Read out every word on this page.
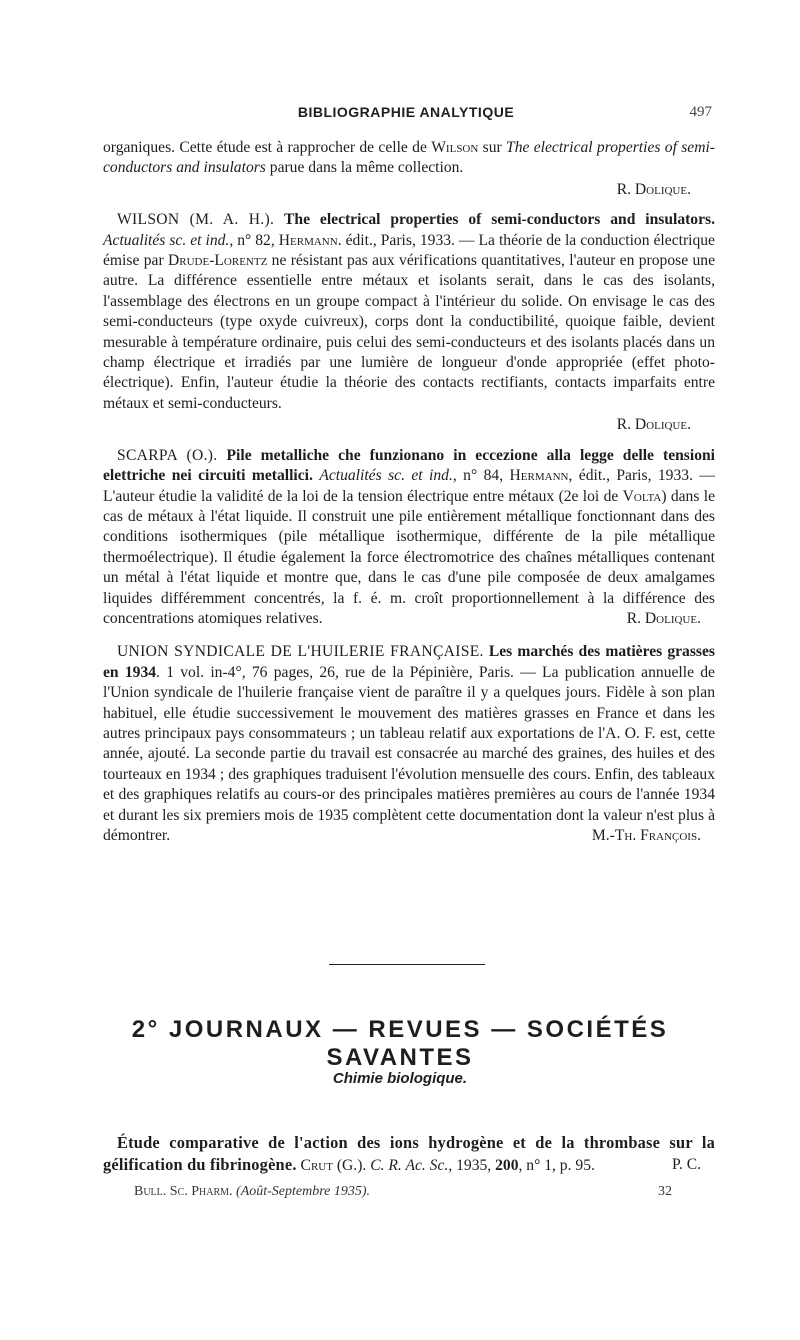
BIBLIOGRAPHIE ANALYTIQUE	497

organiques. Cette étude est à rapprocher de celle de Wilson sur The electrical properties of semi-conductors and insulators parue dans la même collection.

R. Dolique.

WILSON (M. A. H.). The electrical properties of semi-conductors and insulators. Actualités sc. et ind., n° 82, Hermann. édit., Paris, 1933. — La théorie de la conduction électrique émise par Drude-Lorentz ne résistant pas aux vérifications quantitatives, l'auteur en propose une autre. La différence essentielle entre métaux et isolants serait, dans le cas des isolants, l'assemblage des électrons en un groupe compact à l'intérieur du solide. On envisage le cas des semi-conducteurs (type oxyde cuivreux), corps dont la conductibilité, quoique faible, devient mesurable à température ordinaire, puis celui des semi-conducteurs et des isolants placés dans un champ électrique et irradiés par une lumière de longueur d'onde appropriée (effet photo-électrique). Enfin, l'auteur étudie la théorie des contacts rectifiants, contacts imparfaits entre métaux et semi-conducteurs.

R. Dolique.

SCARPA (O.). Pile metalliche che funzionano in eccezione alla legge delle tensioni elettriche nei circuiti metallici. Actualités sc. et ind., n° 84, Hermann, édit., Paris, 1933. — L'auteur étudie la validité de la loi de la tension électrique entre métaux (2e loi de Volta) dans le cas de métaux à l'état liquide. Il construit une pile entièrement métallique fonctionnant dans des conditions isothermiques (pile métallique isothermique, différente de la pile métallique thermoélectrique). Il étudie également la force électromotrice des chaînes métalliques contenant un métal à l'état liquide et montre que, dans le cas d'une pile composée de deux amalgames liquides différemment concentrés, la f. é. m. croît proportionnellement à la différence des concentrations atomiques relatives.	R. Dolique.

UNION SYNDICALE DE L'HUILERIE FRANÇAISE. Les marchés des matières grasses en 1934. 1 vol. in-4°, 76 pages, 26, rue de la Pépinière, Paris. — La publication annuelle de l'Union syndicale de l'huilerie française vient de paraître il y a quelques jours. Fidèle à son plan habituel, elle étudie successivement le mouvement des matières grasses en France et dans les autres principaux pays consommateurs ; un tableau relatif aux exportations de l'A. O. F. est, cette année, ajouté. La seconde partie du travail est consacrée au marché des graines, des huiles et des tourteaux en 1934 ; des graphiques traduisent l'évolution mensuelle des cours. Enfin, des tableaux et des graphiques relatifs au cours-or des principales matières premières au cours de l'année 1934 et durant les six premiers mois de 1935 complètent cette documentation dont la valeur n'est plus à démontrer.	M.-Th. François.

2° JOURNAUX — REVUES — SOCIÉTÉS SAVANTES
Chimie biologique.

Étude comparative de l'action des ions hydrogène et de la thrombase sur la gélification du fibrinogène. Crut (G.). C. R. Ac. Sc., 1935, 200, n° 1, p. 95.	P. C.

Bull. Sc. Pharm. (Août-Septembre 1935).	32
